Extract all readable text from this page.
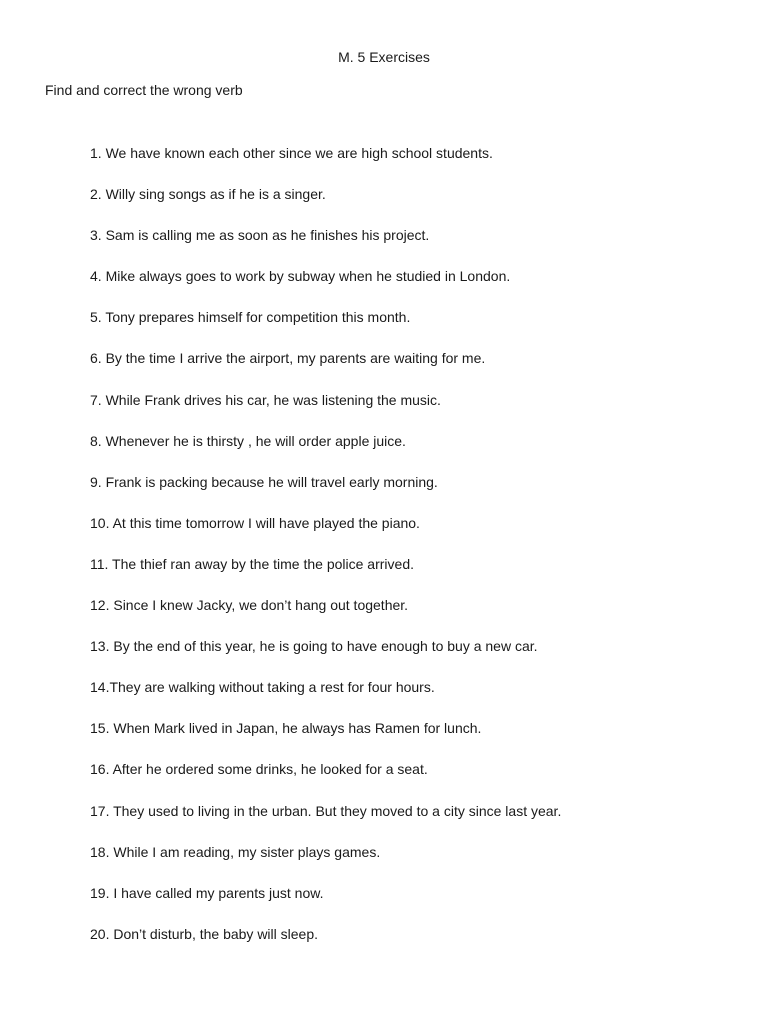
M. 5 Exercises
Find and correct the wrong verb
1. We have known each other since we are high school students.
2. Willy sing songs as if he is a singer.
3. Sam is calling me as soon as he finishes his project.
4. Mike always goes to work by subway when he studied in London.
5. Tony prepares himself for competition this month.
6. By the time I arrive the airport, my parents are waiting for me.
7. While Frank drives his car, he was listening the music.
8. Whenever he is thirsty , he will order apple juice.
9. Frank is packing because he will travel early morning.
10. At this time tomorrow I will have played the piano.
11. The thief ran away by the time the police arrived.
12. Since I knew Jacky, we don’t hang out together.
13. By the end of this year, he is going to have enough to buy a new car.
14.They are walking without taking a rest for four hours.
15. When Mark lived in Japan, he always has Ramen for lunch.
16. After he ordered some drinks, he looked for a seat.
17. They used to living in the urban. But they moved to a city since last year.
18. While I am reading, my sister plays games.
19. I have called my parents just now.
20. Don’t disturb, the baby will sleep.
